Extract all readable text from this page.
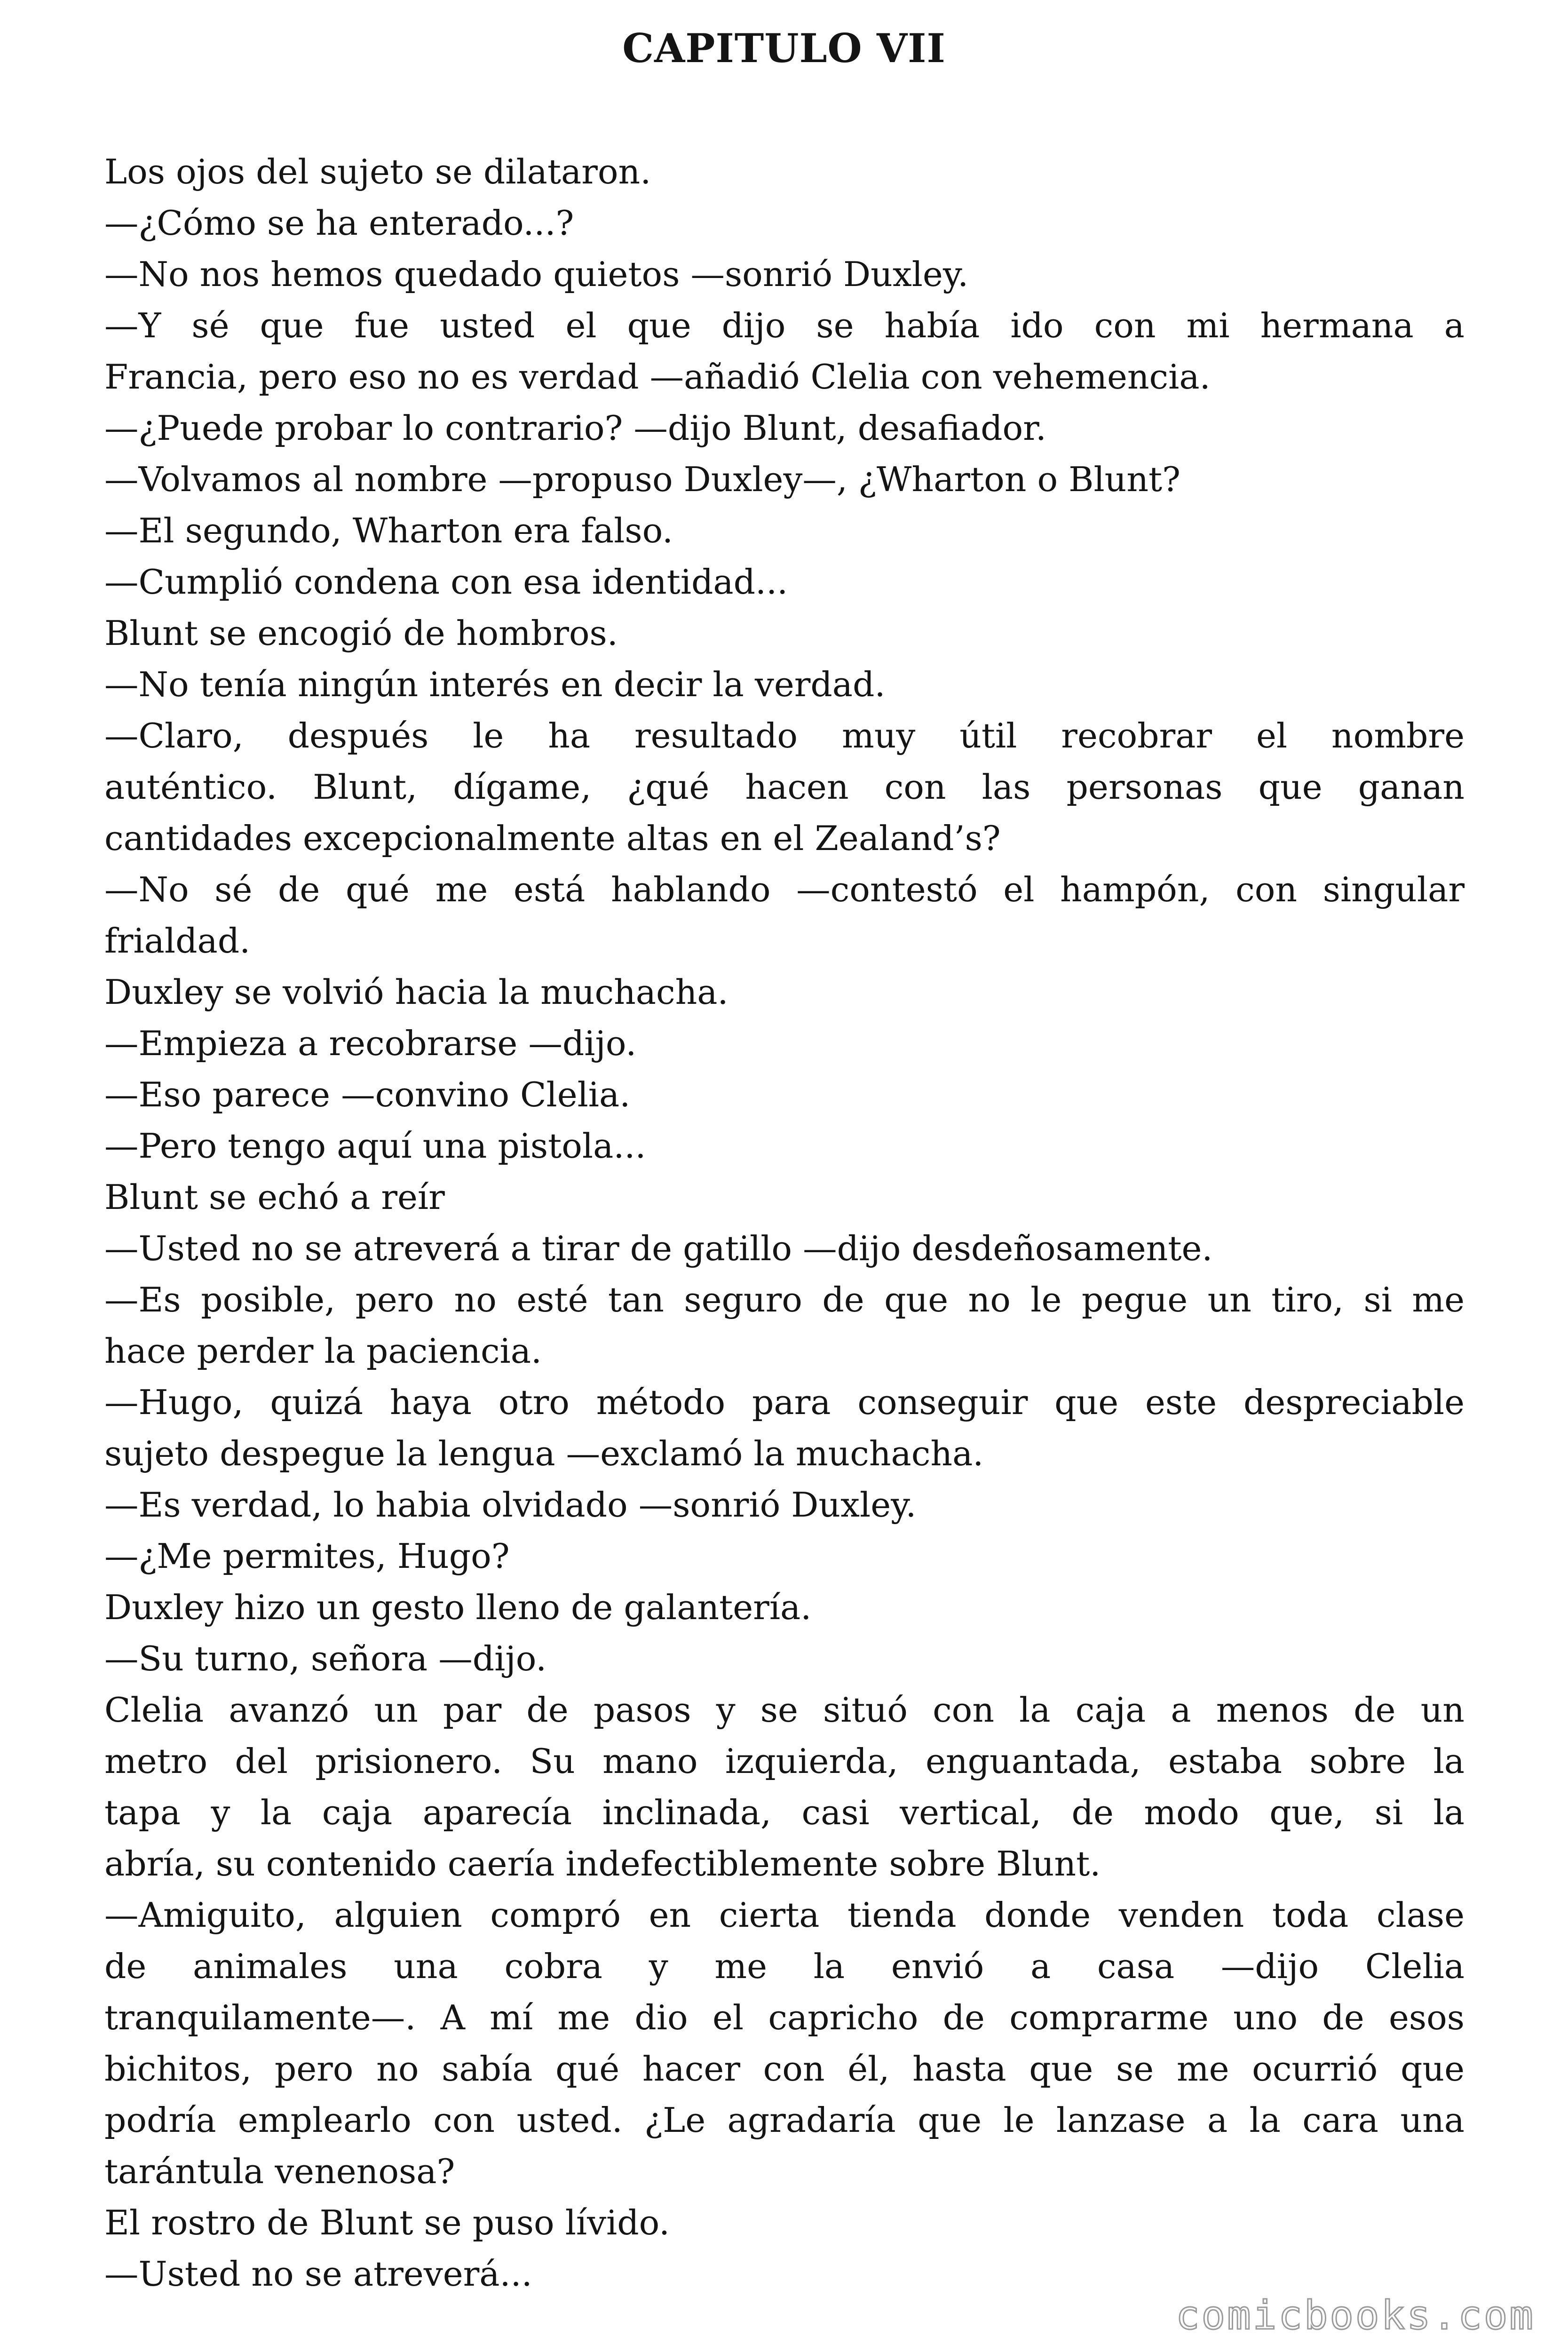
CAPITULO VII
Los ojos del sujeto se dilataron.
—¿Cómo se ha enterado...?
—No nos hemos quedado quietos —sonrió Duxley.
—Y sé que fue usted el que dijo se había ido con mi hermana a
Francia, pero eso no es verdad —añadió Clelia con vehemencia.
—¿Puede probar lo contrario? —dijo Blunt, desafiador.
—Volvamos al nombre —propuso Duxley—, ¿Wharton o Blunt?
—El segundo, Wharton era falso.
—Cumplió condena con esa identidad...
Blunt se encogió de hombros.
—No tenía ningún interés en decir la verdad.
—Claro, después le ha resultado muy útil recobrar el nombre
auténtico. Blunt, dígame, ¿qué hacen con las personas que ganan
cantidades excepcionalmente altas en el Zealand’s?
—No sé de qué me está hablando —contestó el hampón, con singular
frialdad.
Duxley se volvió hacia la muchacha.
—Empieza a recobrarse —dijo.
—Eso parece —convino Clelia.
—Pero tengo aquí una pistola...
Blunt se echó a reír
—Usted no se atreverá a tirar de gatillo —dijo desdeñosamente.
—Es posible, pero no esté tan seguro de que no le pegue un tiro, si me
hace perder la paciencia.
—Hugo, quizá haya otro método para conseguir que este despreciable
sujeto despegue la lengua —exclamó la muchacha.
—Es verdad, lo habia olvidado —sonrió Duxley.
—¿Me permites, Hugo?
Duxley hizo un gesto lleno de galantería.
—Su turno, señora —dijo.
Clelia avanzó un par de pasos y se situó con la caja a menos de un
metro del prisionero. Su mano izquierda, enguantada, estaba sobre la
tapa y la caja aparecía inclinada, casi vertical, de modo que, si la
abría, su contenido caería indefectiblemente sobre Blunt.
—Amiguito, alguien compró en cierta tienda donde venden toda clase
de animales una cobra y me la envió a casa —dijo Clelia
tranquilamente—. A mí me dio el capricho de comprarme uno de esos
bichitos, pero no sabía qué hacer con él, hasta que se me ocurrió que
podría emplearlo con usted. ¿Le agradaría que le lanzase a la cara una
tarántula venenosa?
El rostro de Blunt se puso lívido.
—Usted no se atreverá...
comicbooks.com
